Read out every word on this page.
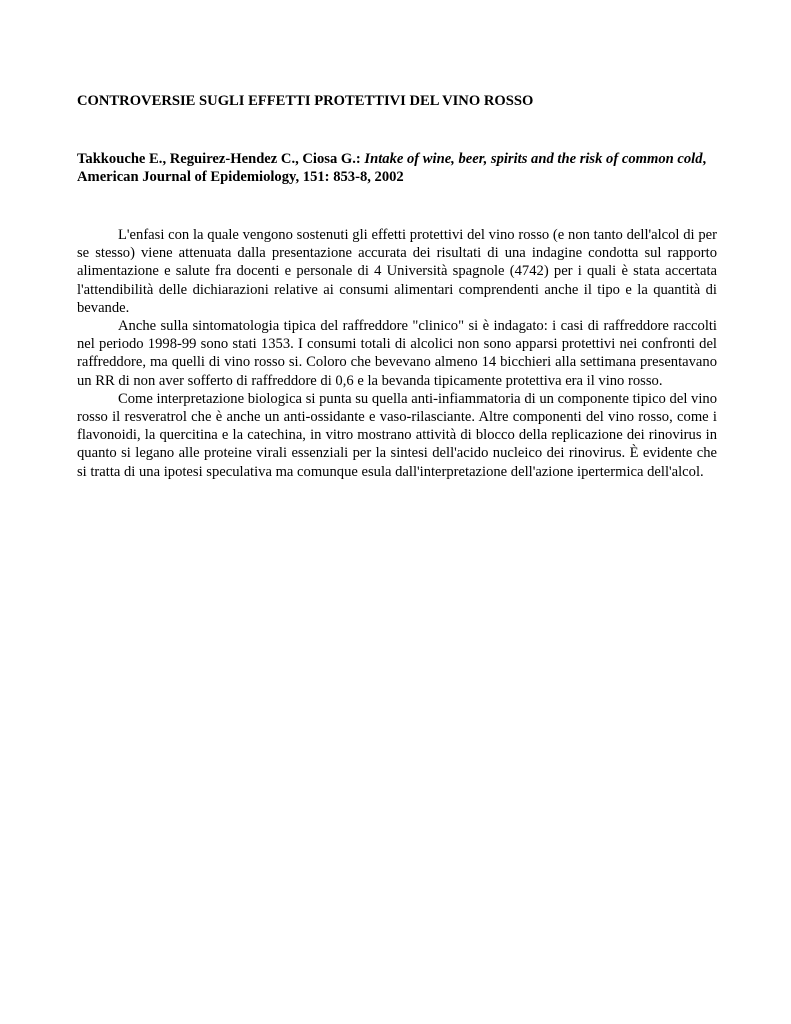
CONTROVERSIE SUGLI EFFETTI PROTETTIVI DEL VINO ROSSO

Takkouche E., Reguirez-Hendez C., Ciosa G.: Intake of wine, beer, spirits and the risk of common cold, American Journal of Epidemiology, 151: 853-8, 2002

L'enfasi con la quale vengono sostenuti gli effetti protettivi del vino rosso (e non tanto dell'alcol di per se stesso) viene attenuata dalla presentazione accurata dei risultati di una indagine condotta sul rapporto alimentazione e salute fra docenti e personale di 4 Università spagnole (4742) per i quali è stata accertata l'attendibilità delle dichiarazioni relative ai consumi alimentari comprendenti anche il tipo e la quantità di bevande.

Anche sulla sintomatologia tipica del raffreddore "clinico" si è indagato: i casi di raffreddore raccolti nel periodo 1998-99 sono stati 1353. I consumi totali di alcolici non sono apparsi protettivi nei confronti del raffreddore, ma quelli di vino rosso si. Coloro che bevevano almeno 14 bicchieri alla settimana presentavano un RR di non aver sofferto di raffreddore di 0,6 e la bevanda tipicamente protettiva era il vino rosso.

Come interpretazione biologica si punta su quella anti-infiammatoria di un componente tipico del vino rosso il resveratrol che è anche un anti-ossidante e vaso-rilasciante. Altre componenti del vino rosso, come i flavonoidi, la quercitina e la catechina, in vitro mostrano attività di blocco della replicazione dei rinovirus in quanto si legano alle proteine virali essenziali per la sintesi dell'acido nucleico dei rinovirus. È evidente che si tratta di una ipotesi speculativa ma comunque esula dall'interpretazione dell'azione ipertermica dell'alcol.
